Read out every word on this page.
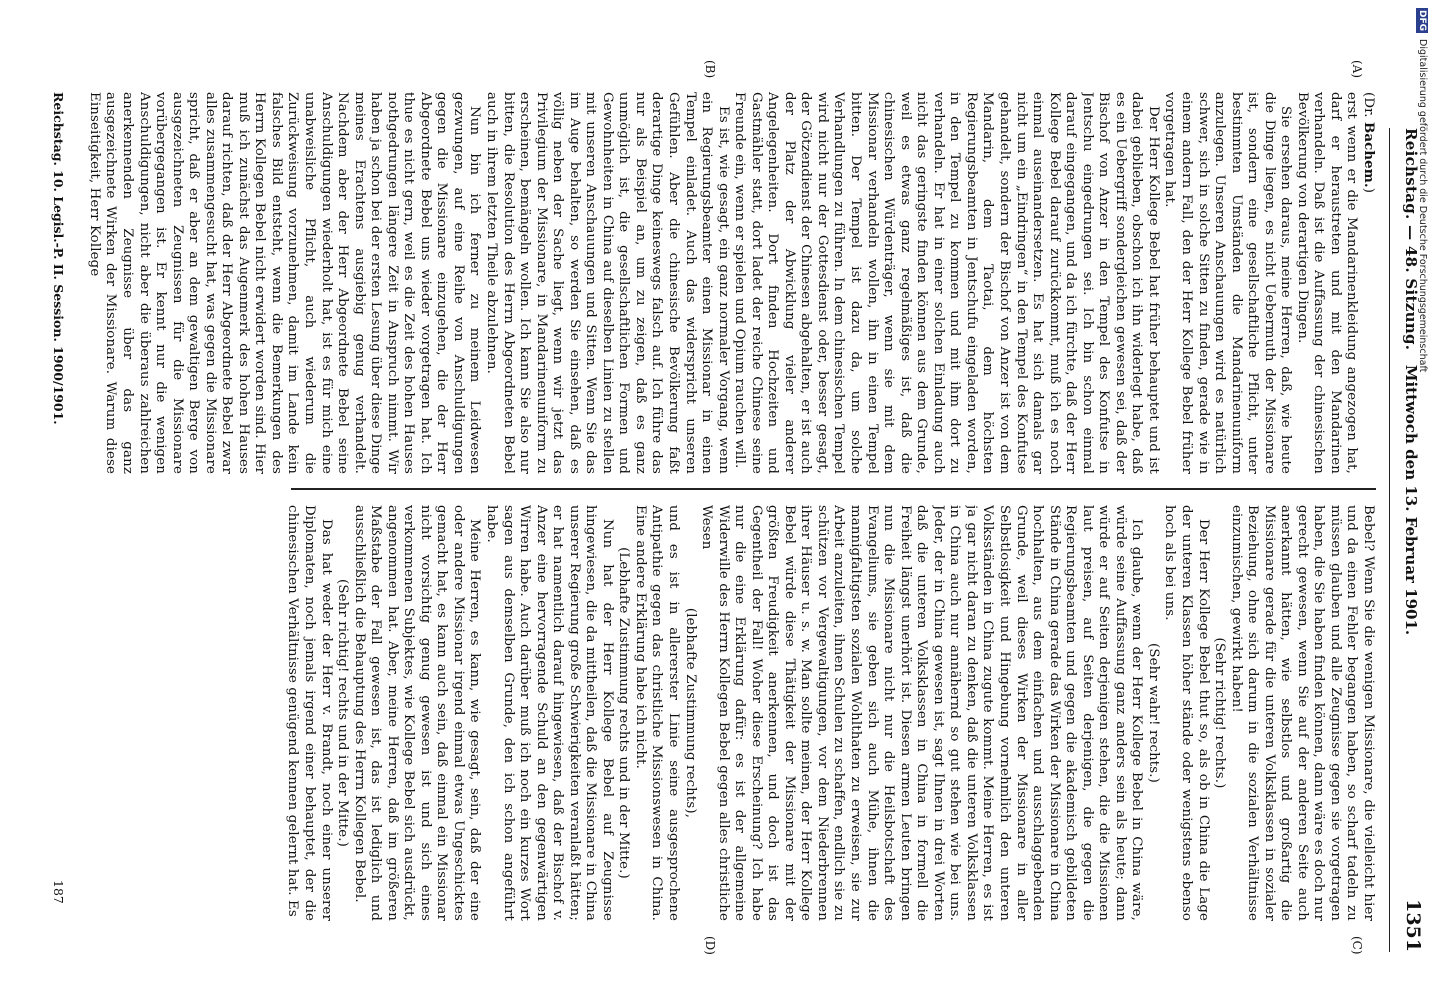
Reichstag. — 48. Sitzung.
Mittwoch den 13. Februar 1901.
1351
(A)
(B)
(C)
(D)

(Dr. Bachem.)

erst wenn er die Mandarinenkleidung angezogen hat, darf er heraustreten und mit den Mandarinen verhandeln. Daß ist die Auffassung der chinesischen Bevölkerung von derartigen Dingen.

Sie ersehen daraus, meine Herren, daß, wie heute die Dinge liegen, es nicht Uebermuth der Missionare ist, sondern eine gesellschaftliche Pflicht, unter bestimmten Umständen die Mandarinenuniform anzulegen. Unseren Anschauungen wird es natürlich schwer, sich in solche Sitten zu finden, gerade wie in einem andern Fall, den der Herr Kollege Bebel früher vorgetragen hat.

Der Herr Kollege Bebel hat früher behauptet und ist dabei geblieben, obschon ich ihn widerlegt habe, daß es ein Uebergriff sondergleichen gewesen sei, daß der Bischof von Anzer in den Tempel des Konfutse in Jentschu eingedrungen sei. Ich bin schon einmal darauf eingegangen, und da ich fürchte, daß der Herr Kollege Bebel darauf zurückkommt, muß ich es noch einmal auseinandersetzen. Es hat sich damals gar nicht um ein „Eindringen“ in den Tempel des Konfutse gehandelt, sondern der Bischof von Anzer ist von dem Mandarin, dem Taotai, dem höchsten Regierungsbeamten in Jentschufu eingeladen worden, in den Tempel zu kommen und mit ihm dort zu verhandeln. Er hat in einer solchen Einladung auch nicht das geringste finden können aus dem Grunde, weil es etwas ganz regelmäßiges ist, daß die chinesischen Würdenträger, wenn sie mit dem Missionar verhandeln wollen, ihn in einen Tempel bitten. Der Tempel ist dazu da, um solche Verhandlungen zu führen. In dem chinesischen Tempel wird nicht nur der Gottesdienst oder, besser gesagt, der Götzendienst der Chinesen abgehalten, er ist auch der Platz der Abwicklung vieler anderer Angelegenheiten. Dort finden Hochzeiten und Gastmähler statt, dort ladet der reiche Chinese seine Freunde ein, wenn er spielen und Opium rauchen will.

Es ist, wie gesagt, ein ganz normaler Vorgang, wenn ein Regierungsbeamter einen Missionar in einen Tempel einladet. Auch das widerspricht unseren Gefühlen. Aber die chinesische Bevölkerung faßt derartige Dinge keineswegs falsch auf. Ich führe das nur als Beispiel an, um zu zeigen, daß es ganz unmöglich ist, die gesellschaftlichen Formen und Gewohnheiten in China auf dieselben Linien zu stellen mit unseren Anschauungen und Sitten. Wenn Sie das im Auge behalten, so werden Sie einsehen, daß es völlig neben der Sache liegt, wenn wir jetzt das Privilegium der Missionare, in Mandarinenuniform zu erscheinen, bemängeln wollen. Ich kann Sie also nur bitten, die Resolution des Herrn Abgeordneten Bebel auch in ihrem letzten Theile abzulehnen.

Nun bin ich ferner zu meinem Leidwesen gezwungen, auf eine Reihe von Anschuldigungen gegen die Missionare einzugehen, die der Herr Abgeordnete Bebel uns wieder vorgetragen hat. Ich thue es nicht gern, weil es die Zeit des hohen Hauses nothgedrungen längere Zeit in Anspruch nimmt. Wir haben ja schon bei der ersten Lesung über diese Dinge meines Erachtens ausgiebig genug verhandelt. Nachdem aber der Herr Abgeordnete Bebel seine Anschuldigungen wiederholt hat, ist es für mich eine unabweisliche Pflicht, auch wiederum die Zurückweisung vorzunehmen, damit im Lande kein falsches Bild entsteht, wenn die Bemerkungen des Herrn Kollegen Bebel nicht erwidert worden sind. Hier muß ich zunächst das Augenmerk des hohen Hauses darauf richten, daß der Herr Abgeordnete Bebel zwar alles zusammengesucht hat, was gegen die Missionare spricht, daß er aber an dem gewaltigen Berge von ausgezeichneten Zeugnissen für die Missionare vorübergegangen ist. Er kennt nur die wenigen Anschuldigungen, nicht aber die überaus zahlreichen anerkennenden Zeugnisse über das ganz ausgezeichnete Wirken der Missionare. Warum diese Einseitigkeit, Herr Kollege

Bebel? Wenn Sie die wenigen Missionare, die vielleicht hier und da einen Fehler begangen haben, so scharf tadeln zu müssen glauben und alle Zeugnisse gegen sie vorgetragen haben, die Sie haben finden können, dann wäre es doch nur gerecht gewesen, wenn Sie auf der anderen Seite auch anerkannt hätten, wie selbstlos und großartig die Missionare gerade für die unteren Volksklassen in sozialer Beziehung, ohne sich darum in die sozialen Verhältnisse einzumischen, gewirkt haben!

(Sehr richtig! rechts.)

Der Herr Kollege Bebel thut so, als ob in China die Lage der unteren Klassen höher stände oder wenigstens ebenso hoch als bei uns.

(Sehr wahr! rechts.)

Ich glaube, wenn der Herr Kollege Bebel in China wäre, würde seine Auffassung ganz anders sein als heute; dann würde er auf Seiten derjenigen stehen, die die Missionen laut preisen, auf Seiten derjenigen, die gegen die Regierungsbeamten und gegen die akademisch gebildeten Stände in China gerade das Wirken der Missionare in China hochhalten, aus dem einfachen und ausschlaggebenden Grunde, weil dieses Wirken der Missionare in aller Selbstlosigkeit und Hingebung vornehmlich den unteren Volksständen in China zugute kommt. Meine Herren, es ist ja gar nicht daran zu denken, daß die unteren Volksklassen in China auch nur annähernd so gut stehen wie bei uns. Jeder, der in China gewesen ist, sagt Ihnen in drei Worten daß die unteren Volksklassen in China in formell die Freiheit längst unerhört ist. Diesen armen Leuten bringen nun die Missionare nicht nur die Heilsbotschaft des Evangeliums, sie geben sich auch Mühe, ihnen die mannigfaltigsten sozialen Wohlthaten zu erweisen, sie zur Arbeit anzuleiten, ihnen Schulen zu schaffen, endlich sie zu schützen vor Vergewaltigungen, vor dem Niederbrennen ihrer Häuser u. s. w. Man sollte meinen, der Herr Kollege Bebel würde diese Thätigkeit der Missionare mit der größten Freudigkeit anerkennen, und doch ist das Gegentheil der Fall! Woher diese Erscheinung? Ich habe nur die eine Erklärung dafür: es ist der allgemeine Widerwille des Herrn Kollegen Bebel gegen alles christliche Wesen

(lebhafte Zustimmung rechts),

und es ist in allererster Linie seine ausgesprochene Antipathie gegen das christliche Missionswesen in China. Eine andere Erklärung habe ich nicht.

(Lebhafte Zustimmung rechts und in der Mitte.)

Nun hat der Herr Kollege Bebel auf Zeugnisse hingewiesen, die da mittheilen, daß die Missionare in China unserer Regierung große Schwierigkeiten veranlaßt hätten; er hat namentlich darauf hingewiesen, daß der Bischof v. Anzer eine hervorragende Schuld an den gegenwärtigen Wirren habe. Auch darüber muß ich noch ein kurzes Wort sagen aus demselben Grunde, den ich schon angeführt habe.

Meine Herren, es kann, wie gesagt, sein, daß der eine oder andere Missionar irgend einmal etwas Ungeschicktes gemacht hat, es kann auch sein, daß einmal ein Missionar nicht vorsichtig genug gewesen ist und sich eines verkommenen Subjektes, wie Kollege Bebel sich ausdrückt, angenommen hat. Aber, meine Herren, daß im größeren Maßstabe der Fall gewesen ist, das ist lediglich und ausschließlich die Behauptung des Herrn Kollegen Bebel.

(Sehr richtig! rechts und in der Mitte.)

Das hat weder der Herr v. Brandt, noch einer unserer Diplomaten, noch jemals irgend einer behauptet, der die chinesischen Verhältnisse genügend kennen gelernt hat. Es

Reichstag. 10. Legisl.-P. II. Session. 1900/1901.
187
DFG Digitalisierung gefördert durch die Deutsche Forschungsgemeinschaft
